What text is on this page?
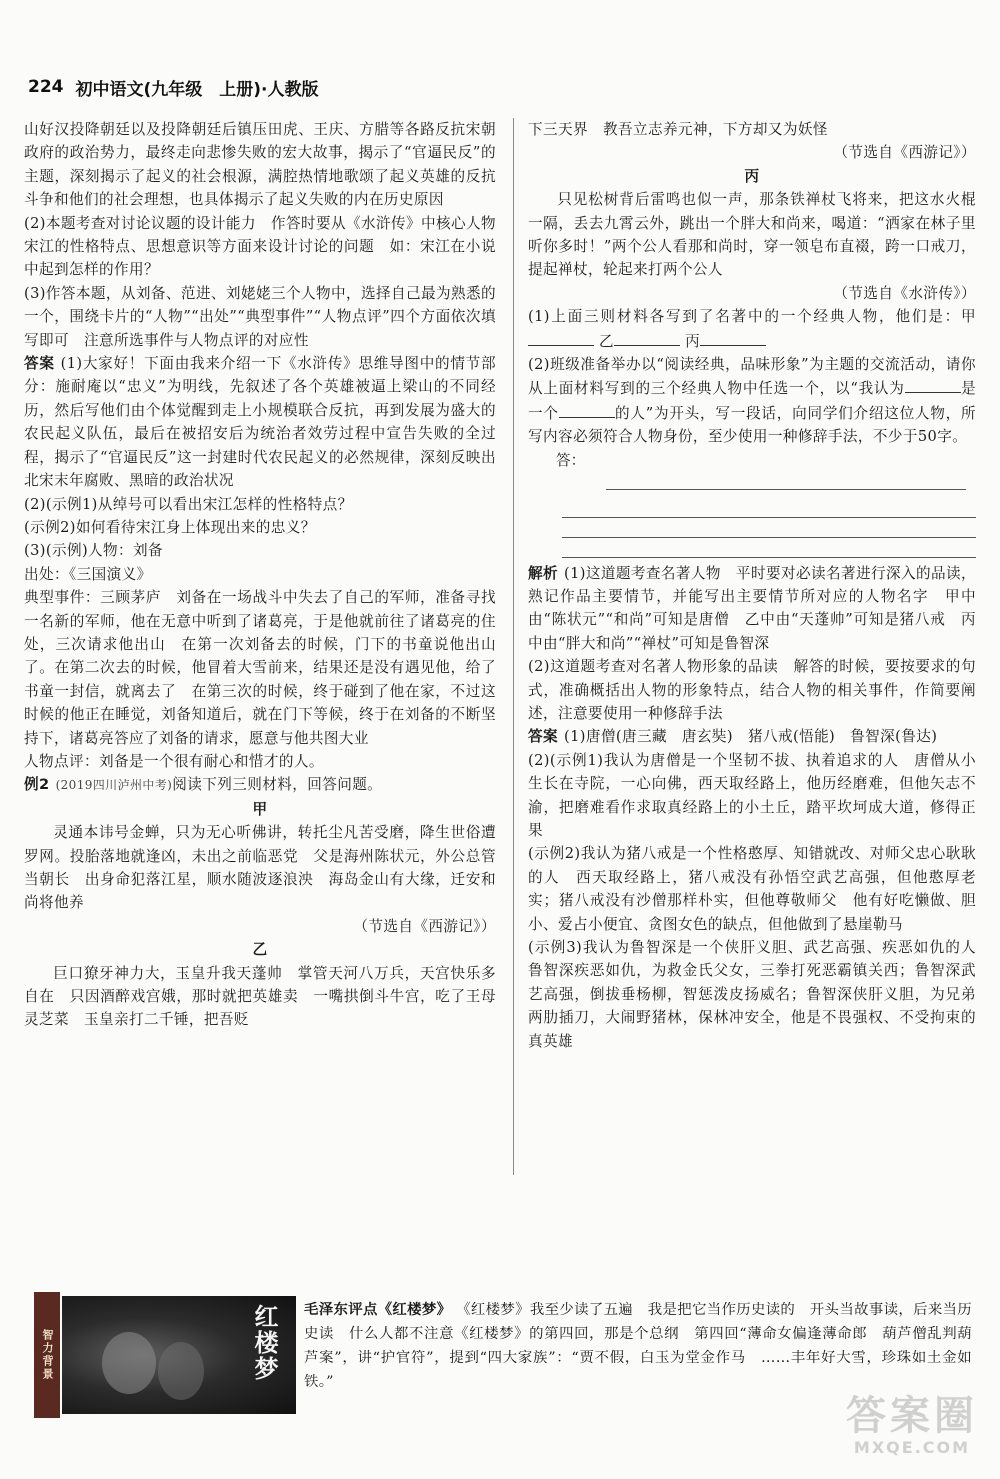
224 初中语文(九年级　上册)·人教版

山好汉投降朝廷以及投降朝廷后镇压田虎、王庆、方腊等各路反抗宋朝政府的政治势力，最终走向悲惨失败的宏大故事，揭示了“官逼民反”的主题，深刻揭示了起义的社会根源，满腔热情地歌颂了起义英雄的反抗斗争和他们的社会理想，也具体揭示了起义失败的内在历史原因

(2)本题考查对讨论议题的设计能力　作答时要从《水浒传》中核心人物宋江的性格特点、思想意识等方面来设计讨论的问题　如：宋江在小说中起到怎样的作用？

(3)作答本题，从刘备、范进、刘姥姥三个人物中，选择自己最为熟悉的一个，围绕卡片的“人物”“出处”“典型事件”“人物点评”四个方面依次填写即可　注意所选事件与人物点评的对应性

答案 (1)大家好！下面由我来介绍一下《水浒传》思维导图中的情节部分：施耐庵以“忠义”为明线，先叙述了各个英雄被逼上梁山的不同经历，然后写他们由个体觉醒到走上小规模联合反抗，再到发展为盛大的农民起义队伍，最后在被招安后为统治者效劳过程中宣告失败的全过程，揭示了“官逼民反”这一封建时代农民起义的必然规律，深刻反映出北宋末年腐败、黑暗的政治状况

(2)(示例1)从绰号可以看出宋江怎样的性格特点？

(示例2)如何看待宋江身上体现出来的忠义？

(3)(示例)人物：刘备

出处：《三国演义》

典型事件：三顾茅庐　刘备在一场战斗中失去了自己的军师，准备寻找一名新的军师，他在无意中听到了诸葛亮，于是他就前往了诸葛亮的住处，三次请求他出山　在第一次刘备去的时候，门下的书童说他出山了。在第二次去的时候，他冒着大雪前来，结果还是没有遇见他，给了书童一封信，就离去了　在第三次的时候，终于碰到了他在家，不过这时候的他正在睡觉，刘备知道后，就在门下等候，终于在刘备的不断坚持下，诸葛亮答应了刘备的请求，愿意与他共图大业

人物点评：刘备是一个很有耐心和惜才的人。

例2 (2019四川泸州中考)阅读下列三则材料，回答问题。

甲

灵通本讳号金蝉，只为无心听佛讲，转托尘凡苦受磨，降生世俗遭罗网。投胎落地就逢凶，未出之前临恶党　父是海州陈状元，外公总管当朝长　出身命犯落江星，顺水随波逐浪泱　海岛金山有大缘，迁安和尚将他养

（节选自《西游记》）

乙

巨口獠牙神力大，玉皇升我天蓬帅　掌管天河八万兵，天宫快乐多自在　只因酒醉戏宫娥，那时就把英雄卖　一嘴拱倒斗牛宫，吃了王母灵芝菜　玉皇亲打二千锤，把吾贬

下三天界　教吾立志养元神，下方却又为妖怪

（节选自《西游记》）

丙

只见松树背后雷鸣也似一声，那条铁禅杖飞将来，把这水火棍一隔，丢去九霄云外，跳出一个胖大和尚来，喝道：“洒家在林子里听你多时！”两个公人看那和尚时，穿一领皂布直裰，跨一口戒刀，提起禅杖，轮起来打两个公人

（节选自《水浒传》）

(1)上面三则材料各写到了名著中的一个经典人物，他们是：甲 乙	丙

(2)班级准备举办以“阅读经典，品味形象”为主题的交流活动，请你从上面材料写到的三个经典人物中任选一个，以“我认为	是一个	的人”为开头，写一段话，向同学们介绍这位人物，所写内容必须符合人物身份，至少使用一种修辞手法，不少于50字。

答：

解析 (1)这道题考查名著人物　平时要对必读名著进行深入的品读，熟记作品主要情节，并能写出主要情节所对应的人物名字　甲中由“陈状元”“和尚”可知是唐僧　乙中由“天蓬帅”可知是猪八戒　丙中由“胖大和尚”“禅杖”可知是鲁智深

(2)这道题考查对名著人物形象的品读　解答的时候，要按要求的句式，准确概括出人物的形象特点，结合人物的相关事件，作简要阐述，注意要使用一种修辞手法

答案 (1)唐僧(唐三藏　唐玄奘)　猪八戒(悟能)　鲁智深(鲁达)

(2)(示例1)我认为唐僧是一个坚韧不拔、执着追求的人　唐僧从小生长在寺院，一心向佛，西天取经路上，他历经磨难，但他矢志不渝，把磨难看作求取真经路上的小土丘，踏平坎坷成大道，修得正果

(示例2)我认为猪八戒是一个性格憨厚、知错就改、对师父忠心耿耿的人　西天取经路上，猪八戒没有孙悟空武艺高强，但他憨厚老实；猪八戒没有沙僧那样朴实，但他尊敬师父　他有好吃懒做、胆小、爱占小便宜、贪图女色的缺点，但他做到了悬崖勒马

(示例3)我认为鲁智深是一个侠肝义胆、武艺高强、疾恶如仇的人　鲁智深疾恶如仇，为救金氏父女，三拳打死恶霸镇关西；鲁智深武艺高强，倒拔垂杨柳，智惩泼皮扬威名；鲁智深侠肝义胆，为兄弟两肋插刀，大闹野猪林，保林冲安全，他是不畏强权、不受拘束的真英雄

智力背景	红楼梦 毛泽东评点《红楼梦》 《红楼梦》我至少读了五遍　我是把它当作历史读的　开头当故事读，后来当历史读　什么人都不注意《红楼梦》的第四回，那是个总纲　第四回“薄命女偏逢薄命郎　葫芦僧乱判葫芦案”，讲“护官符”，提到“四大家族”：“贾不假，白玉为堂金作马　……丰年好大雪，珍珠如土金如铁。”
答案圈
MXQE.COM
